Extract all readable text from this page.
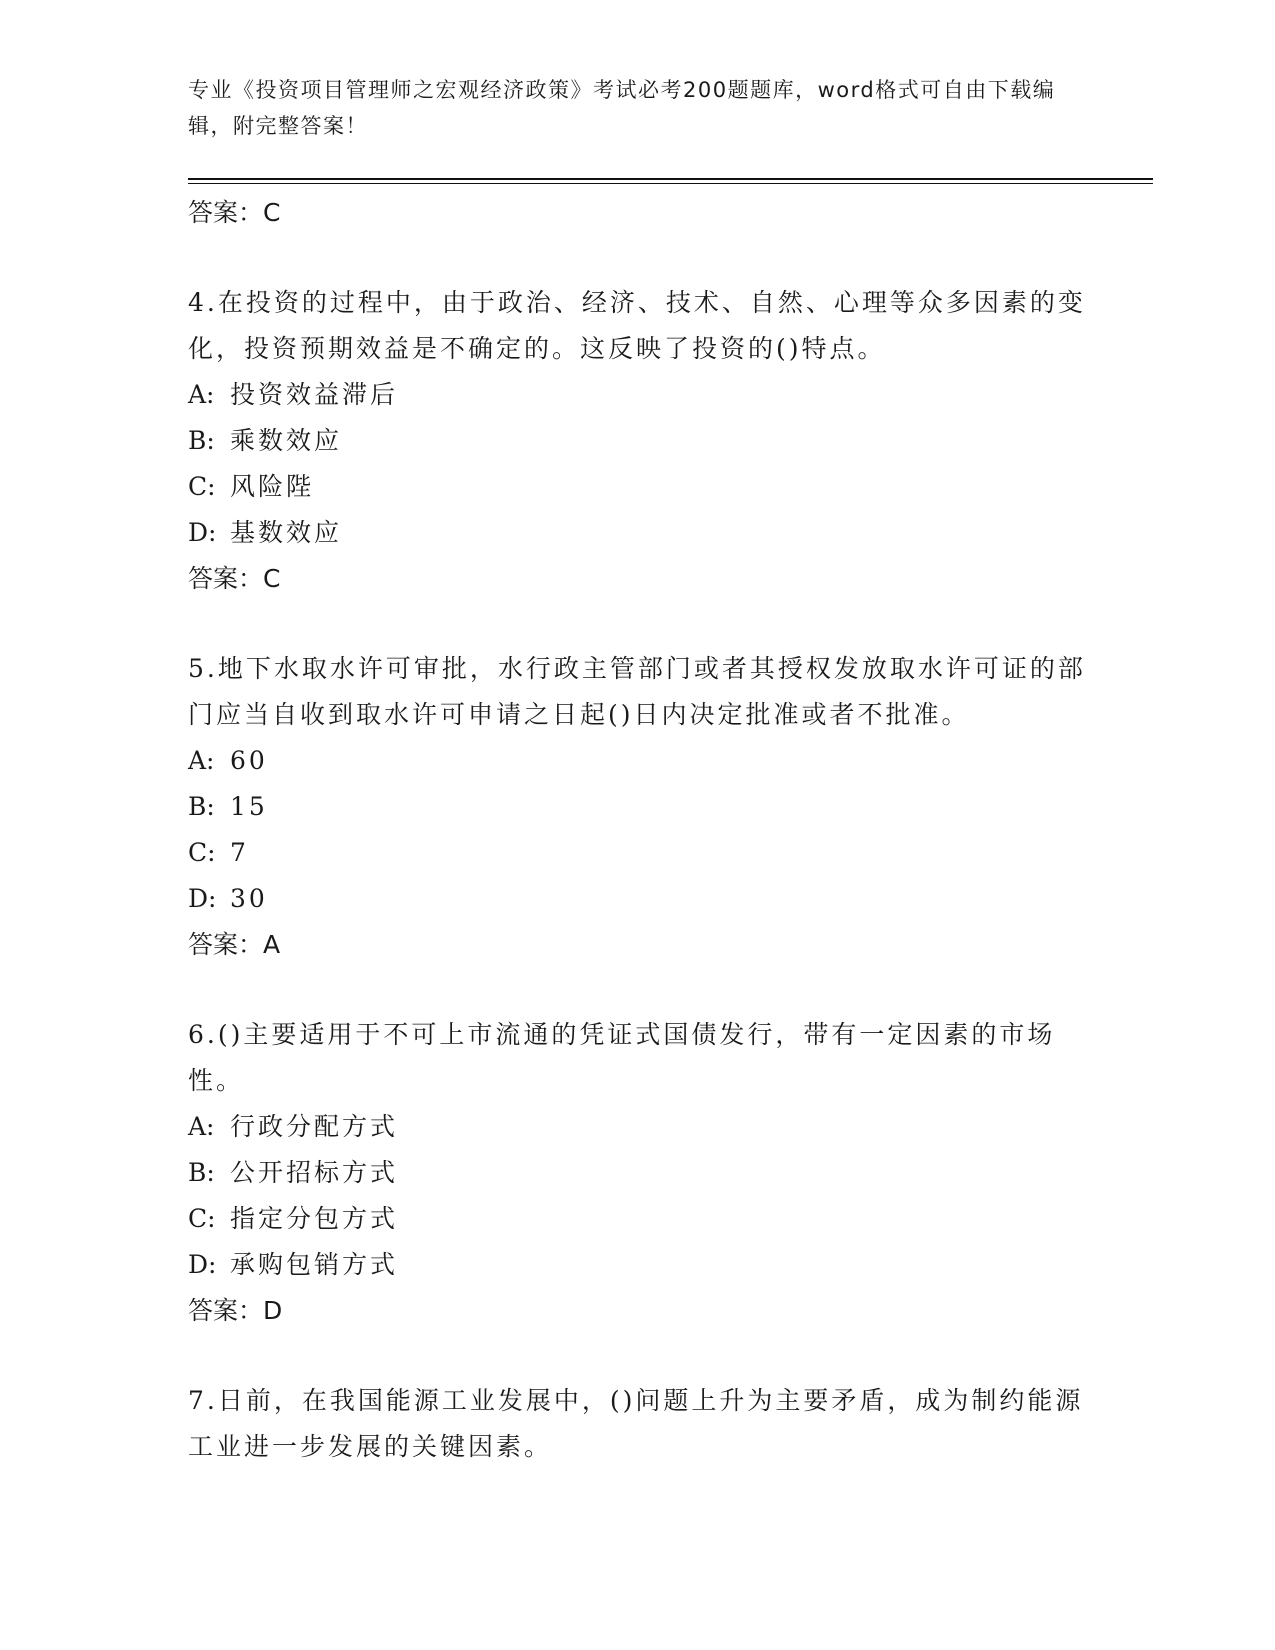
专业《投资项目管理师之宏观经济政策》考试必考200题题库，word格式可自由下载编辑，附完整答案！
答案：C
4.在投资的过程中，由于政治、经济、技术、自然、心理等众多因素的变化，投资预期效益是不确定的。这反映了投资的()特点。
A: 投资效益滞后
B: 乘数效应
C: 风险陛
D: 基数效应
答案：C
5.地下水取水许可审批，水行政主管部门或者其授权发放取水许可证的部门应当自收到取水许可申请之日起()日内决定批准或者不批准。
A: 60
B: 15
C: 7
D: 30
答案：A
6.()主要适用于不可上市流通的凭证式国债发行，带有一定因素的市场性。
A: 行政分配方式
B: 公开招标方式
C: 指定分包方式
D: 承购包销方式
答案：D
7.日前，在我国能源工业发展中，()问题上升为主要矛盾，成为制约能源工业进一步发展的关键因素。
